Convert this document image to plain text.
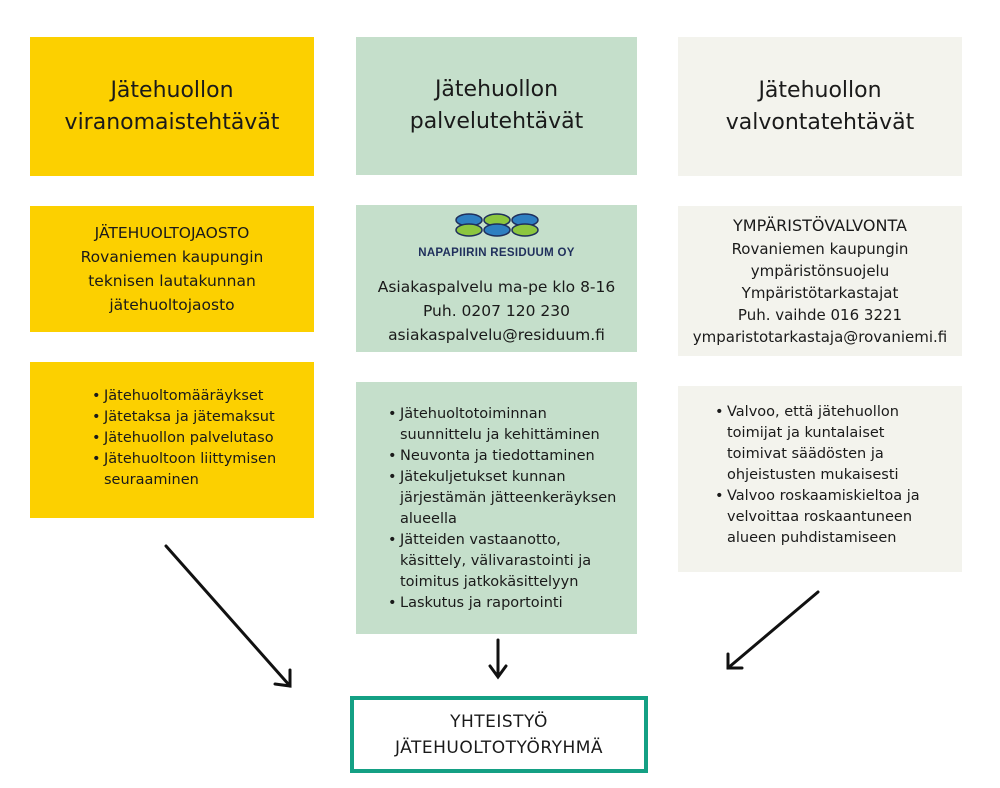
Jätehuollon
viranomaistehtävät
JÄTEHUOLTOJAOSTO
Rovaniemen kaupungin
teknisen lautakunnan
jätehuoltojaosto
• Jätehuoltomääräykset
• Jätetaksa ja jätemaksut
• Jätehuollon palvelutaso
• Jätehuoltoon liittymisen seuraaminen
Jätehuollon
palvelutehtävät
NAPAPIIRIN RESIDUUM OY
Asiakaspalvelu ma-pe klo 8-16
Puh. 0207 120 230
asiakaspalvelu@residuum.fi
• Jätehuoltotoiminnan suunnittelu ja kehittäminen
• Neuvonta ja tiedottaminen
• Jätekuljetukset kunnan järjestämän jätteenkeräyksen alueella
• Jätteiden vastaanotto, käsittely, välivarastointi ja toimitus jatkokäsittelyyn
• Laskutus ja raportointi
Jätehuollon
valvontatehtävät
YMPÄRISTÖVALVONTA
Rovaniemen kaupungin
ympäristönsuojelu
Ympäristötarkastajat
Puh. vaihde 016 3221
ymparistotarkastaja@rovaniemi.fi
• Valvoo, että jätehuollon toimijat ja kuntalaiset toimivat säädösten ja ohjeistusten mukaisesti
• Valvoo roskaamiskieltoa ja velvoittaa roskaantuneen alueen puhdistamiseen
YHTEISTYÖ
JÄTEHUOLTOTYÖRYHMÄ
